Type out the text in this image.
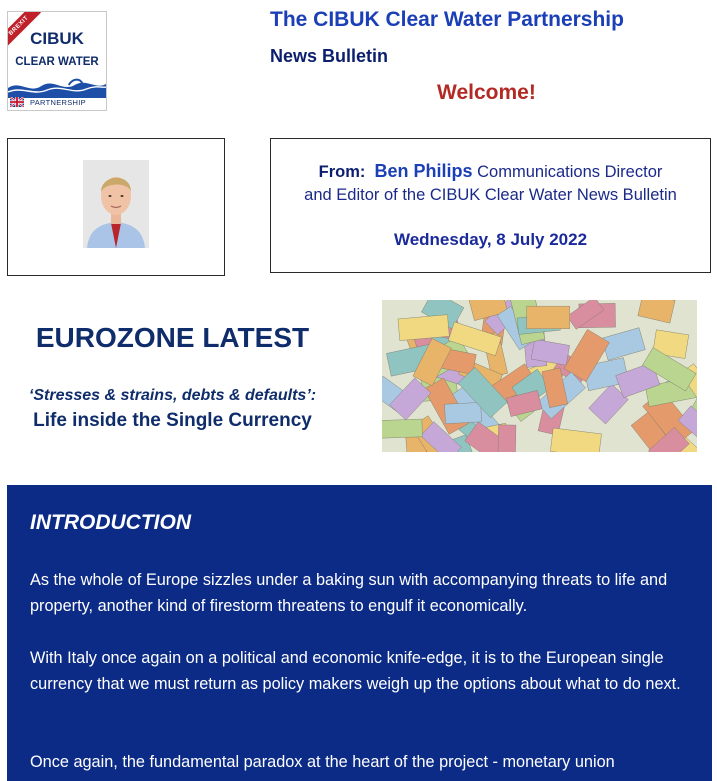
BREXIT
CIBUK
CLEAR WATER
PARTNERSHIP
The CIBUK Clear Water Partnership
News Bulletin
Welcome!
From: Ben Philips Communications Director
and Editor of the CIBUK Clear Water News Bulletin
Wednesday, 8 July 2022
EUROZONE LATEST
‘Stresses & strains, debts & defaults’:
Life inside the Single Currency
INTRODUCTION
As the whole of Europe sizzles under a baking sun with accompanying threats to life and property, another kind of firestorm threatens to engulf it economically.
With Italy once again on a political and economic knife-edge, it is to the European single currency that we must return as policy makers weigh up the options about what to do next.
Once again, the fundamental paradox at the heart of the project - monetary union
